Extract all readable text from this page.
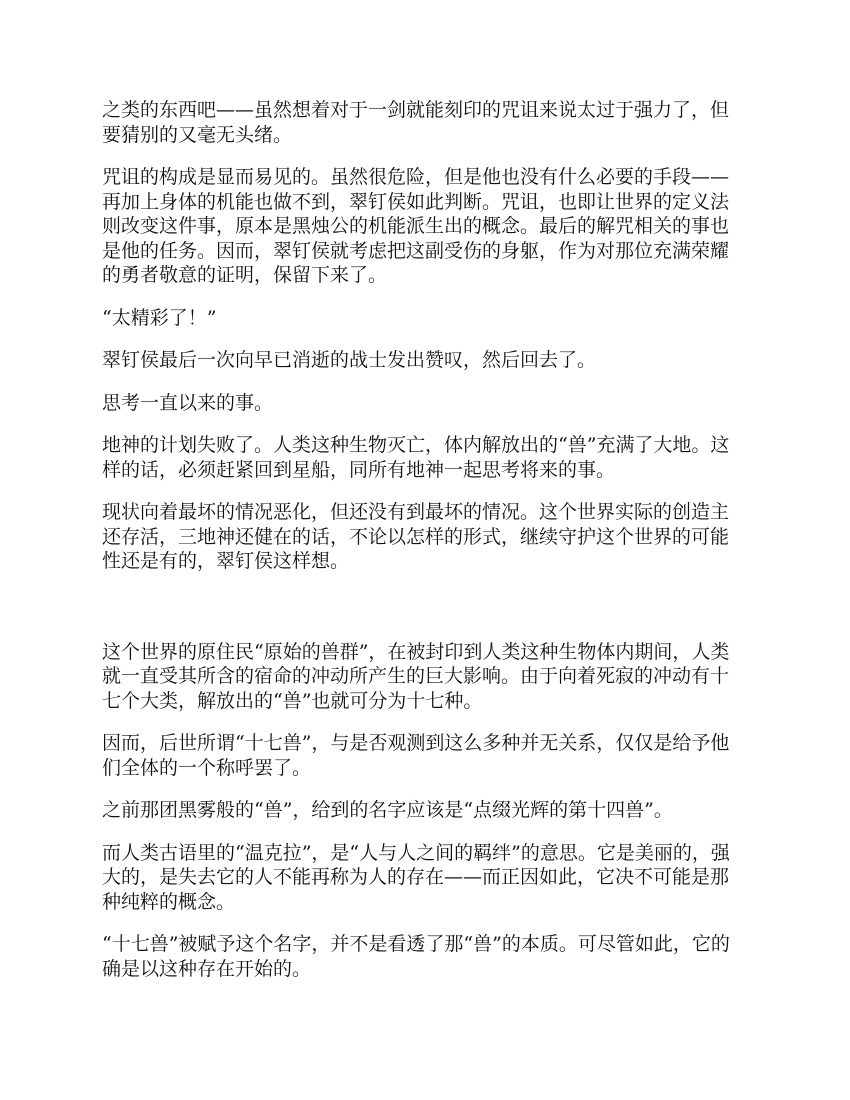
之类的东西吧——虽然想着对于一剑就能刻印的咒诅来说太过于强力了，但要猜别的又毫无头绪。

咒诅的构成是显而易见的。虽然很危险，但是他也没有什么必要的手段——再加上身体的机能也做不到，翠钉侯如此判断。咒诅，也即让世界的定义法则改变这件事，原本是黑烛公的机能派生出的概念。最后的解咒相关的事也是他的任务。因而，翠钉侯就考虑把这副受伤的身躯，作为对那位充满荣耀的勇者敬意的证明，保留下来了。

“太精彩了！”

翠钉侯最后一次向早已消逝的战士发出赞叹，然后回去了。

思考一直以来的事。

地神的计划失败了。人类这种生物灭亡，体内解放出的“兽”充满了大地。这样的话，必须赶紧回到星船，同所有地神一起思考将来的事。

现状向着最坏的情况恶化，但还没有到最坏的情况。这个世界实际的创造主还存活，三地神还健在的话，不论以怎样的形式，继续守护这个世界的可能性还是有的，翠钉侯这样想。

这个世界的原住民“原始的兽群”，在被封印到人类这种生物体内期间，人类就一直受其所含的宿命的冲动所产生的巨大影响。由于向着死寂的冲动有十七个大类，解放出的“兽”也就可分为十七种。

因而，后世所谓“十七兽”，与是否观测到这么多种并无关系，仅仅是给予他们全体的一个称呼罢了。

之前那团黑雾般的“兽”，给到的名字应该是“点缀光辉的第十四兽”。

而人类古语里的“温克拉”，是“人与人之间的羁绊”的意思。它是美丽的，强大的，是失去它的人不能再称为人的存在——而正因如此，它决不可能是那种纯粹的概念。

“十七兽”被赋予这个名字，并不是看透了那“兽”的本质。可尽管如此，它的确是以这种存在开始的。
